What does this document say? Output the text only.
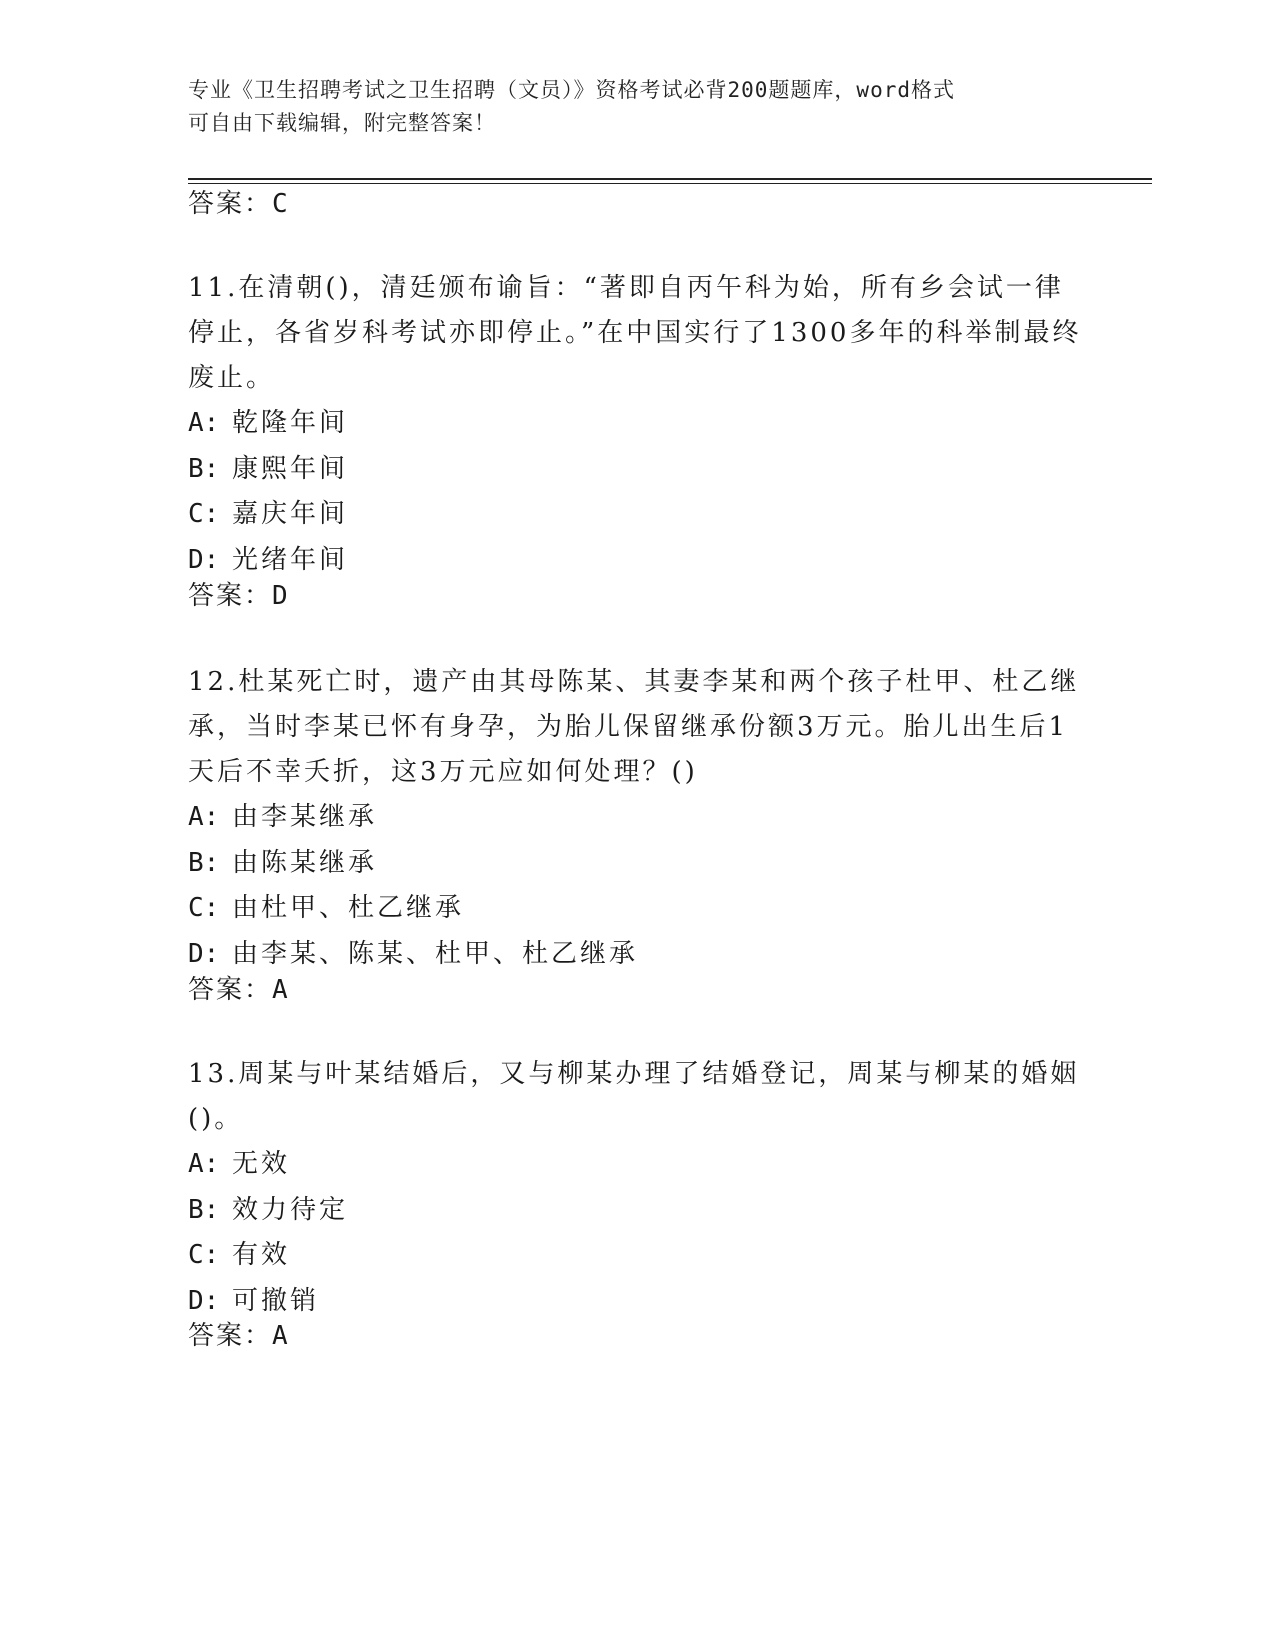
专业《卫生招聘考试之卫生招聘（文员）》资格考试必背200题题库，word格式
可自由下载编辑，附完整答案！
答案：C

11.在清朝()，清廷颁布谕旨：“著即自丙午科为始，所有乡会试一律停止，各省岁科考试亦即停止。”在中国实行了1300多年的科举制最终废止。

A: 乾隆年间
B: 康熙年间
C: 嘉庆年间
D: 光绪年间
答案：D

12.杜某死亡时，遗产由其母陈某、其妻李某和两个孩子杜甲、杜乙继承，当时李某已怀有身孕，为胎儿保留继承份额3万元。胎儿出生后1天后不幸夭折，这3万元应如何处理？()

A: 由李某继承
B: 由陈某继承
C: 由杜甲、杜乙继承
D: 由李某、陈某、杜甲、杜乙继承
答案：A

13.周某与叶某结婚后，又与柳某办理了结婚登记，周某与柳某的婚姻()。

A: 无效
B: 效力待定
C: 有效
D: 可撤销
答案：A
